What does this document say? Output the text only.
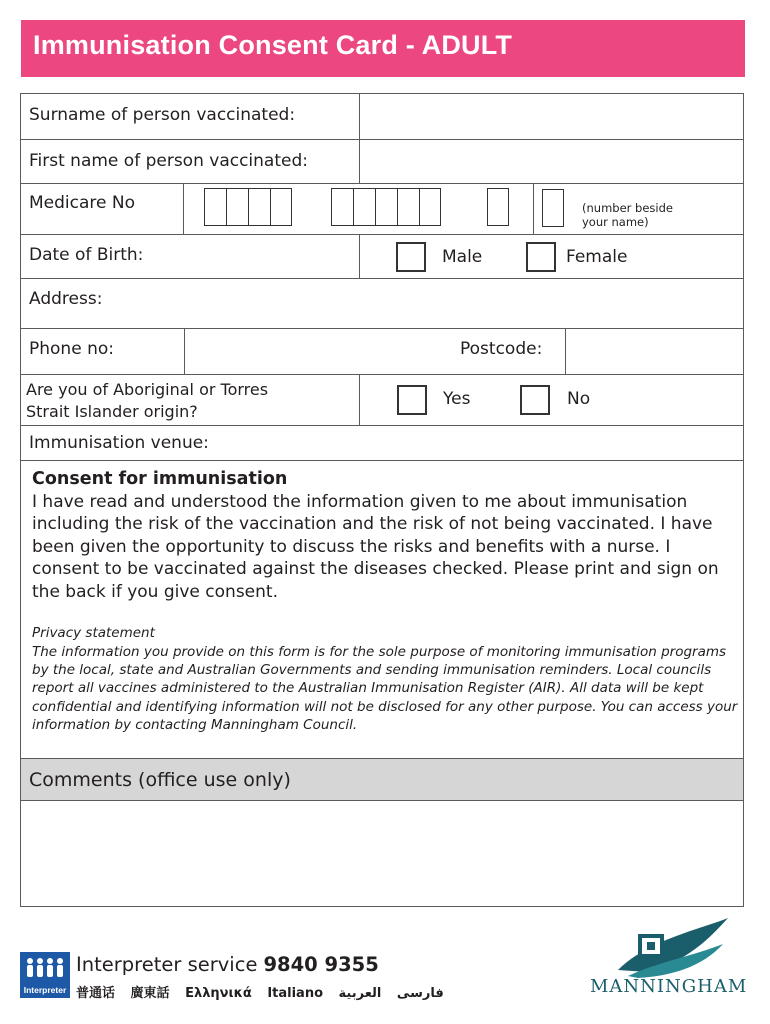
Immunisation Consent Card - ADULT
Surname of person vaccinated:
First name of person vaccinated:
Medicare No	(number beside your name)
Date of Birth:	Male	Female
Address:
Phone no:	Postcode:
Are you of Aboriginal or Torres
Strait Islander origin?
Yes	No
Immunisation venue:
Consent for immunisation
I have read and understood the information given to me about immunisation including the risk of the vaccination and the risk of not being vaccinated. I have been given the opportunity to discuss the risks and benefits with a nurse. I consent to be vaccinated against the diseases checked. Please print and sign on the back if you give consent.
Privacy statement
The information you provide on this form is for the sole purpose of monitoring immunisation programs by the local, state and Australian Governments and sending immunisation reminders. Local councils report all vaccines administered to the Australian Immunisation Register (AIR). All data will be kept confidential and identifying information will not be disclosed for any other purpose. You can access your information by contacting Manningham Council.
Comments (office use only)
Interpreter
Interpreter service 9840 9355
普通话 廣東話 Ελληνικά Italiano	فارسی العربية	MANNINGHAM
